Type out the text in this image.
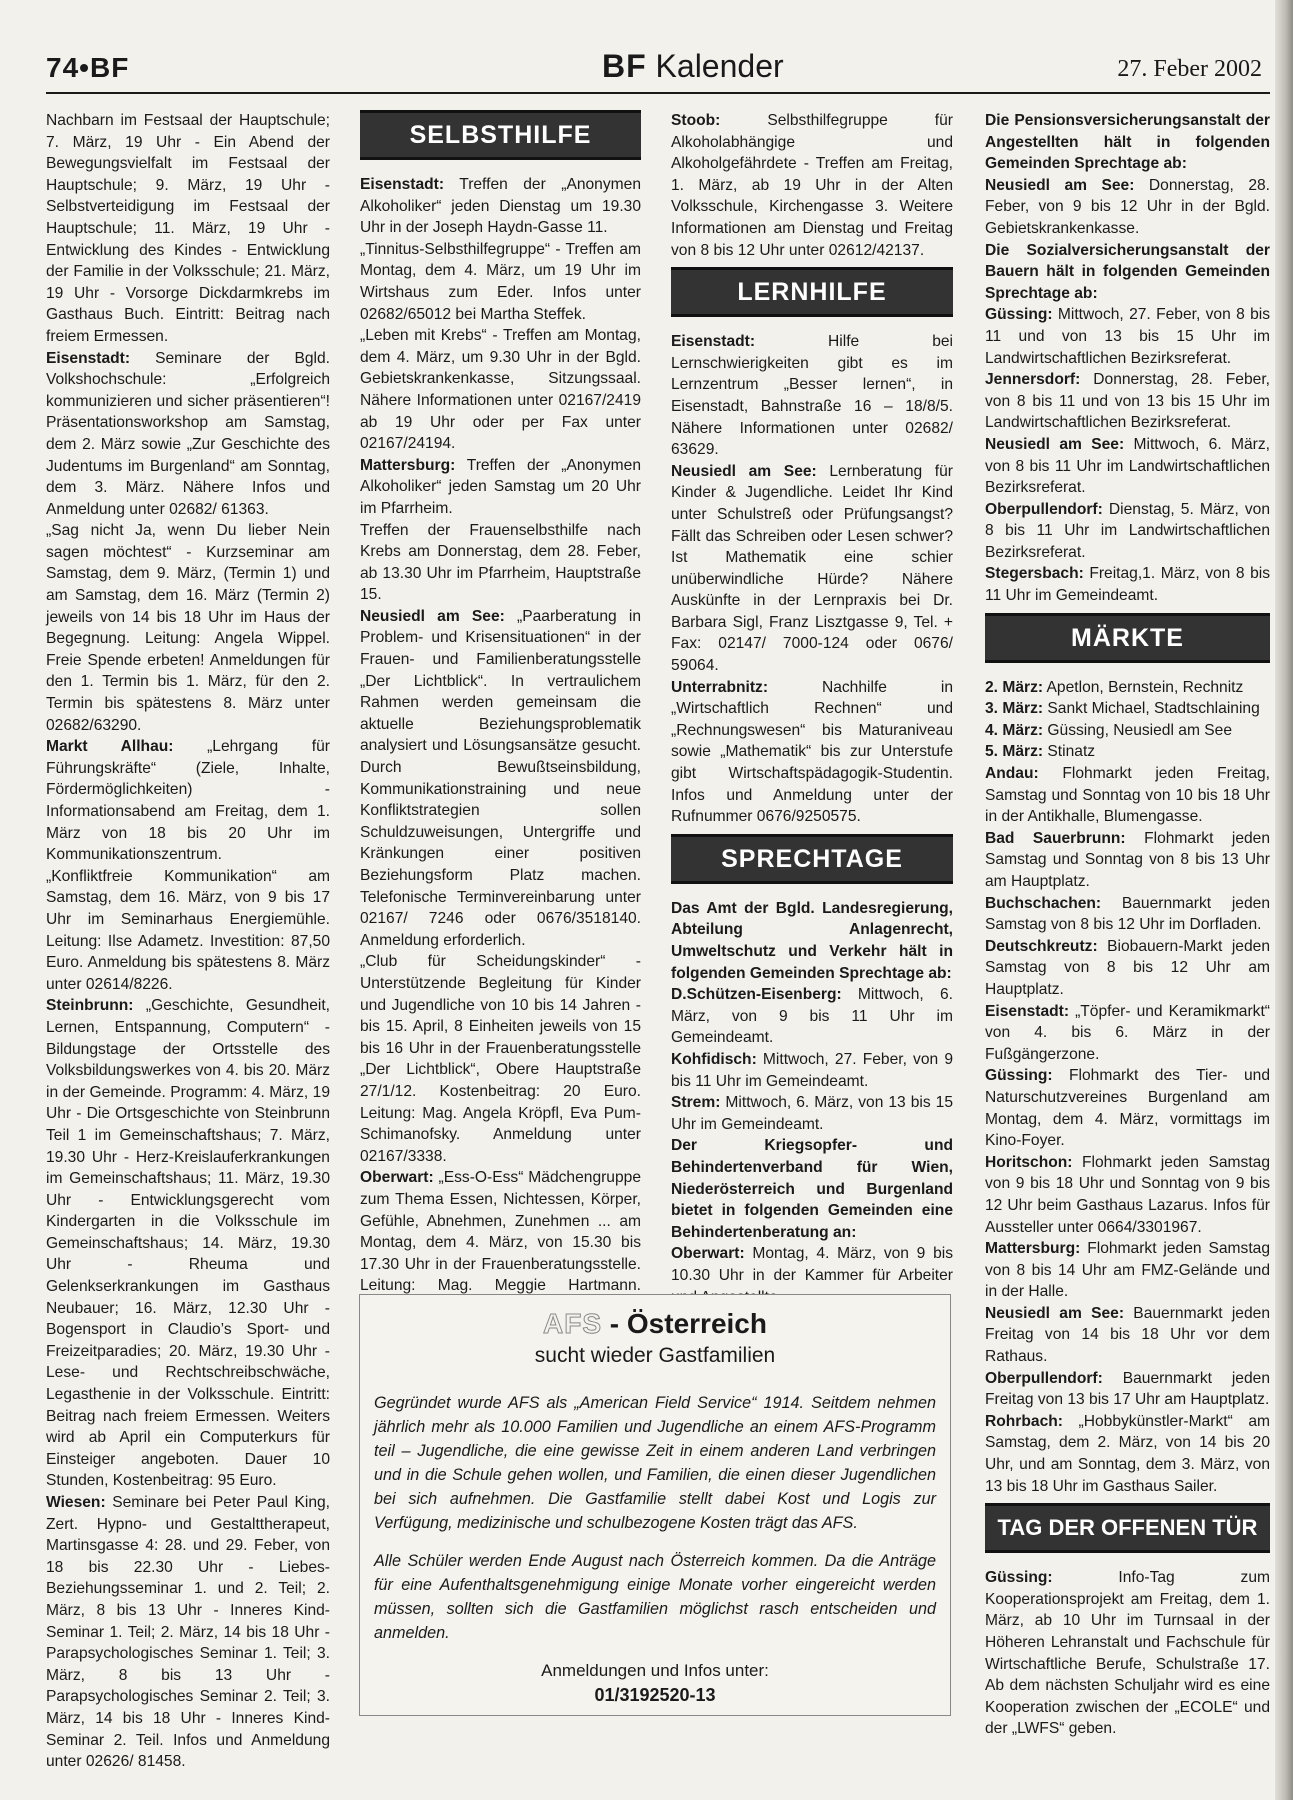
74•BF	BF Kalender	27. Feber 2002

Nachbarn im Festsaal der Hauptschule; 7. März, 19 Uhr - Ein Abend der Bewegungsvielfalt im Festsaal der Hauptschule; 9. März, 19 Uhr - Selbstverteidigung im Festsaal der Hauptschule; 11. März, 19 Uhr - Entwicklung des Kindes - Entwicklung der Familie in der Volksschule; 21. März, 19 Uhr - Vorsorge Dickdarmkrebs im Gasthaus Buch. Eintritt: Beitrag nach freiem Ermessen.

Eisenstadt: Seminare der Bgld. Volkshochschule: „Erfolgreich kommunizieren und sicher präsentieren“! Präsentationsworkshop am Samstag, dem 2. März sowie „Zur Geschichte des Judentums im Burgenland“ am Sonntag, dem 3. März. Nähere Infos und Anmeldung unter 02682/ 61363.

„Sag nicht Ja, wenn Du lieber Nein sagen möchtest“ - Kurzseminar am Samstag, dem 9. März, (Termin 1) und am Samstag, dem 16. März (Termin 2) jeweils von 14 bis 18 Uhr im Haus der Begegnung. Leitung: Angela Wippel. Freie Spende erbeten! Anmeldungen für den 1. Termin bis 1. März, für den 2. Termin bis spätestens 8. März unter 02682/63290.

Markt Allhau: „Lehrgang für Führungskräfte“ (Ziele, Inhalte, Fördermöglichkeiten) - Informationsabend am Freitag, dem 1. März von 18 bis 20 Uhr im Kommunikationszentrum.

„Konfliktfreie Kommunikation“ am Samstag, dem 16. März, von 9 bis 17 Uhr im Seminarhaus Energiemühle. Leitung: Ilse Adametz. Investition: 87,50 Euro. Anmeldung bis spätestens 8. März unter 02614/8226.

Steinbrunn: „Geschichte, Gesundheit, Lernen, Entspannung, Computern“ - Bildungstage der Ortsstelle des Volksbildungswerkes von 4. bis 20. März in der Gemeinde. Programm: 4. März, 19 Uhr - Die Ortsgeschichte von Steinbrunn Teil 1 im Gemeinschaftshaus; 7. März, 19.30 Uhr - Herz-Kreislauferkrankungen im Gemeinschaftshaus; 11. März, 19.30 Uhr - Entwicklungsgerecht vom Kindergarten in die Volksschule im Gemeinschaftshaus; 14. März, 19.30 Uhr - Rheuma und Gelenkserkrankungen im Gasthaus Neubauer; 16. März, 12.30 Uhr - Bogensport in Claudio’s Sport- und Freizeitparadies; 20. März, 19.30 Uhr - Lese- und Rechtschreibschwäche, Legasthenie in der Volksschule. Eintritt: Beitrag nach freiem Ermessen. Weiters wird ab April ein Computerkurs für Einsteiger angeboten. Dauer 10 Stunden, Kostenbeitrag: 95 Euro.

Wiesen: Seminare bei Peter Paul King, Zert. Hypno- und Gestalttherapeut, Martinsgasse 4: 28. und 29. Feber, von 18 bis 22.30 Uhr - Liebes-Beziehungsseminar 1. und 2. Teil; 2. März, 8 bis 13 Uhr - Inneres Kind-Seminar 1. Teil; 2. März, 14 bis 18 Uhr - Parapsychologisches Seminar 1. Teil; 3. März, 8 bis 13 Uhr - Parapsychologisches Seminar 2. Teil; 3. März, 14 bis 18 Uhr - Inneres Kind-Seminar 2. Teil. Infos und Anmeldung unter 02626/ 81458.

SELBSTHILFE

Eisenstadt: Treffen der „Anonymen Alkoholiker“ jeden Dienstag um 19.30 Uhr in der Joseph Haydn-Gasse 11.

„Tinnitus-Selbsthilfegruppe“ - Treffen am Montag, dem 4. März, um 19 Uhr im Wirtshaus zum Eder. Infos unter 02682/65012 bei Martha Steffek.

„Leben mit Krebs“ - Treffen am Montag, dem 4. März, um 9.30 Uhr in der Bgld. Gebietskrankenkasse, Sitzungssaal. Nähere Informationen unter 02167/2419 ab 19 Uhr oder per Fax unter 02167/24194.

Mattersburg: Treffen der „Anonymen Alkoholiker“ jeden Samstag um 20 Uhr im Pfarrheim.

Treffen der Frauenselbsthilfe nach Krebs am Donnerstag, dem 28. Feber, ab 13.30 Uhr im Pfarrheim, Hauptstraße 15.

Neusiedl am See: „Paarberatung in Problem- und Krisensituationen“ in der Frauen- und Familienberatungsstelle „Der Lichtblick“. In vertraulichem Rahmen werden gemeinsam die aktuelle Beziehungsproblematik analysiert und Lösungsansätze gesucht. Durch Bewußtseinsbildung, Kommunikationstraining und neue Konfliktstrategien sollen Schuldzuweisungen, Untergriffe und Kränkungen einer positiven Beziehungsform Platz machen. Telefonische Terminvereinbarung unter 02167/ 7246 oder 0676/3518140. Anmeldung erforderlich.

„Club für Scheidungskinder“ - Unterstützende Begleitung für Kinder und Jugendliche von 10 bis 14 Jahren - bis 15. April, 8 Einheiten jeweils von 15 bis 16 Uhr in der Frauenberatungsstelle „Der Lichtblick“, Obere Hauptstraße 27/1/12. Kostenbeitrag: 20 Euro. Leitung: Mag. Angela Kröpfl, Eva Pum-Schimanofsky. Anmeldung unter 02167/3338.

Oberwart: „Ess-O-Ess“ Mädchengruppe zum Thema Essen, Nichtessen, Körper, Gefühle, Abnehmen, Zunehmen ... am Montag, dem 4. März, von 15.30 bis 17.30 Uhr in der Frauenberatungsstelle. Leitung: Mag. Meggie Hartmann.

Stoob: Selbsthilfegruppe für Alkoholabhängige und Alkoholgefährdete - Treffen am Freitag, 1. März, ab 19 Uhr in der Alten Volksschule, Kirchengasse 3. Weitere Informationen am Dienstag und Freitag von 8 bis 12 Uhr unter 02612/42137.

LERNHILFE

Eisenstadt: Hilfe bei Lernschwierigkeiten gibt es im Lernzentrum „Besser lernen“, in Eisenstadt, Bahnstraße 16 – 18/8/5. Nähere Informationen unter 02682/ 63629.

Neusiedl am See: Lernberatung für Kinder & Jugendliche. Leidet Ihr Kind unter Schulstreß oder Prüfungsangst? Fällt das Schreiben oder Lesen schwer? Ist Mathematik eine schier unüberwindliche Hürde? Nähere Auskünfte in der Lernpraxis bei Dr. Barbara Sigl, Franz Lisztgasse 9, Tel. + Fax: 02147/ 7000-124 oder 0676/ 59064.

Unterrabnitz: Nachhilfe in „Wirtschaftlich Rechnen“ und „Rechnungswesen“ bis Maturaniveau sowie „Mathematik“ bis zur Unterstufe gibt Wirtschaftspädagogik-Studentin. Infos und Anmeldung unter der Rufnummer 0676/9250575.

SPRECHTAGE

Das Amt der Bgld. Landesregierung, Abteilung Anlagenrecht, Umweltschutz und Verkehr hält in folgenden Gemeinden Sprechtage ab:

D.Schützen-Eisenberg: Mittwoch, 6. März, von 9 bis 11 Uhr im Gemeindeamt.

Kohfidisch: Mittwoch, 27. Feber, von 9 bis 11 Uhr im Gemeindeamt.

Strem: Mittwoch, 6. März, von 13 bis 15 Uhr im Gemeindeamt.

Der Kriegsopfer- und Behindertenverband für Wien, Niederösterreich und Burgenland bietet in folgenden Gemeinden eine Behindertenberatung an:

Oberwart: Montag, 4. März, von 9 bis 10.30 Uhr in der Kammer für Arbeiter

Die Pensionsversicherungsanstalt der Angestellten hält in folgenden Gemeinden Sprechtage ab:

Neusiedl am See: Donnerstag, 28. Feber, von 9 bis 12 Uhr in der Bgld. Gebietskrankenkasse.

Die Sozialversicherungsanstalt der Bauern hält in folgenden Gemeinden Sprechtage ab:

Güssing: Mittwoch, 27. Feber, von 8 bis 11 und von 13 bis 15 Uhr im Landwirtschaftlichen Bezirksreferat.

Jennersdorf: Donnerstag, 28. Feber, von 8 bis 11 und von 13 bis 15 Uhr im Landwirtschaftlichen Bezirksreferat.

Neusiedl am See: Mittwoch, 6. März, von 8 bis 11 Uhr im Landwirtschaftlichen Bezirksreferat.

Oberpullendorf: Dienstag, 5. März, von 8 bis 11 Uhr im Landwirtschaftlichen Bezirksreferat.

Stegersbach: Freitag,1. März, von 8 bis 11 Uhr im Gemeindeamt.

MÄRKTE

2. März: Apetlon, Bernstein, Rechnitz

3. März: Sankt Michael, Stadtschlaining

4. März: Güssing, Neusiedl am See

5. März: Stinatz

Andau: Flohmarkt jeden Freitag, Samstag und Sonntag von 10 bis 18 Uhr in der Antikhalle, Blumengasse.

Bad Sauerbrunn: Flohmarkt jeden Samstag und Sonntag von 8 bis 13 Uhr am Hauptplatz.

Buchschachen: Bauernmarkt jeden Samstag von 8 bis 12 Uhr im Dorfladen.

Deutschkreutz: Biobauern-Markt jeden Samstag von 8 bis 12 Uhr am Hauptplatz.

Eisenstadt: „Töpfer- und Keramikmarkt“ von 4. bis 6. März in der Fußgängerzone.

Güssing: Flohmarkt des Tier- und Naturschutzvereines Burgenland am Montag, dem 4. März, vormittags im Kino-Foyer.

Horitschon: Flohmarkt jeden Samstag von 9 bis 18 Uhr und Sonntag von 9 bis 12 Uhr beim Gasthaus Lazarus. Infos für Aussteller unter 0664/3301967.

Mattersburg: Flohmarkt jeden Samstag von 8 bis 14 Uhr am FMZ-Gelände und in der Halle.

Neusiedl am See: Bauernmarkt jeden Freitag von 14 bis 18 Uhr vor dem Rathaus.

Oberpullendorf: Bauernmarkt jeden Freitag von 13 bis 17 Uhr am Hauptplatz.

Rohrbach: „Hobbykünstler-Markt“ am Samstag, dem 2. März, von 14 bis 20 Uhr, und am Sonntag, dem 3. März, von 13 bis 18 Uhr im Gasthaus Sailer.

TAG DER OFFENEN TÜR

Güssing: Info-Tag zum Kooperationsprojekt am Freitag, dem 1. März, ab 10 Uhr im Turnsaal in der Höheren Lehranstalt und Fachschule für Wirtschaftliche Berufe, Schulstraße 17. Ab dem nächsten Schuljahr wird es eine Kooperation zwischen der „ECOLE“ und der „LWFS“ geben.

AFS - Österreich
sucht wieder Gastfamilien

Gegründet wurde AFS als „American Field Service“ 1914. Seitdem nehmen jährlich mehr als 10.000 Familien und Jugendliche an einem AFS-Programm teil – Jugendliche, die eine gewisse Zeit in einem anderen Land verbringen und in die Schule gehen wollen, und Familien, die einen dieser Jugendlichen bei sich aufnehmen. Die Gastfamilie stellt dabei Kost und Logis zur Verfügung, medizinische und schulbezogene Kosten trägt das AFS.

Alle Schüler werden Ende August nach Österreich kommen. Da die Anträge für eine Aufenthaltsgenehmigung einige Monate vorher eingereicht werden müssen, sollten sich die Gastfamilien möglichst rasch entscheiden und anmelden.

Anmeldungen und Infos unter:
01/3192520-13
